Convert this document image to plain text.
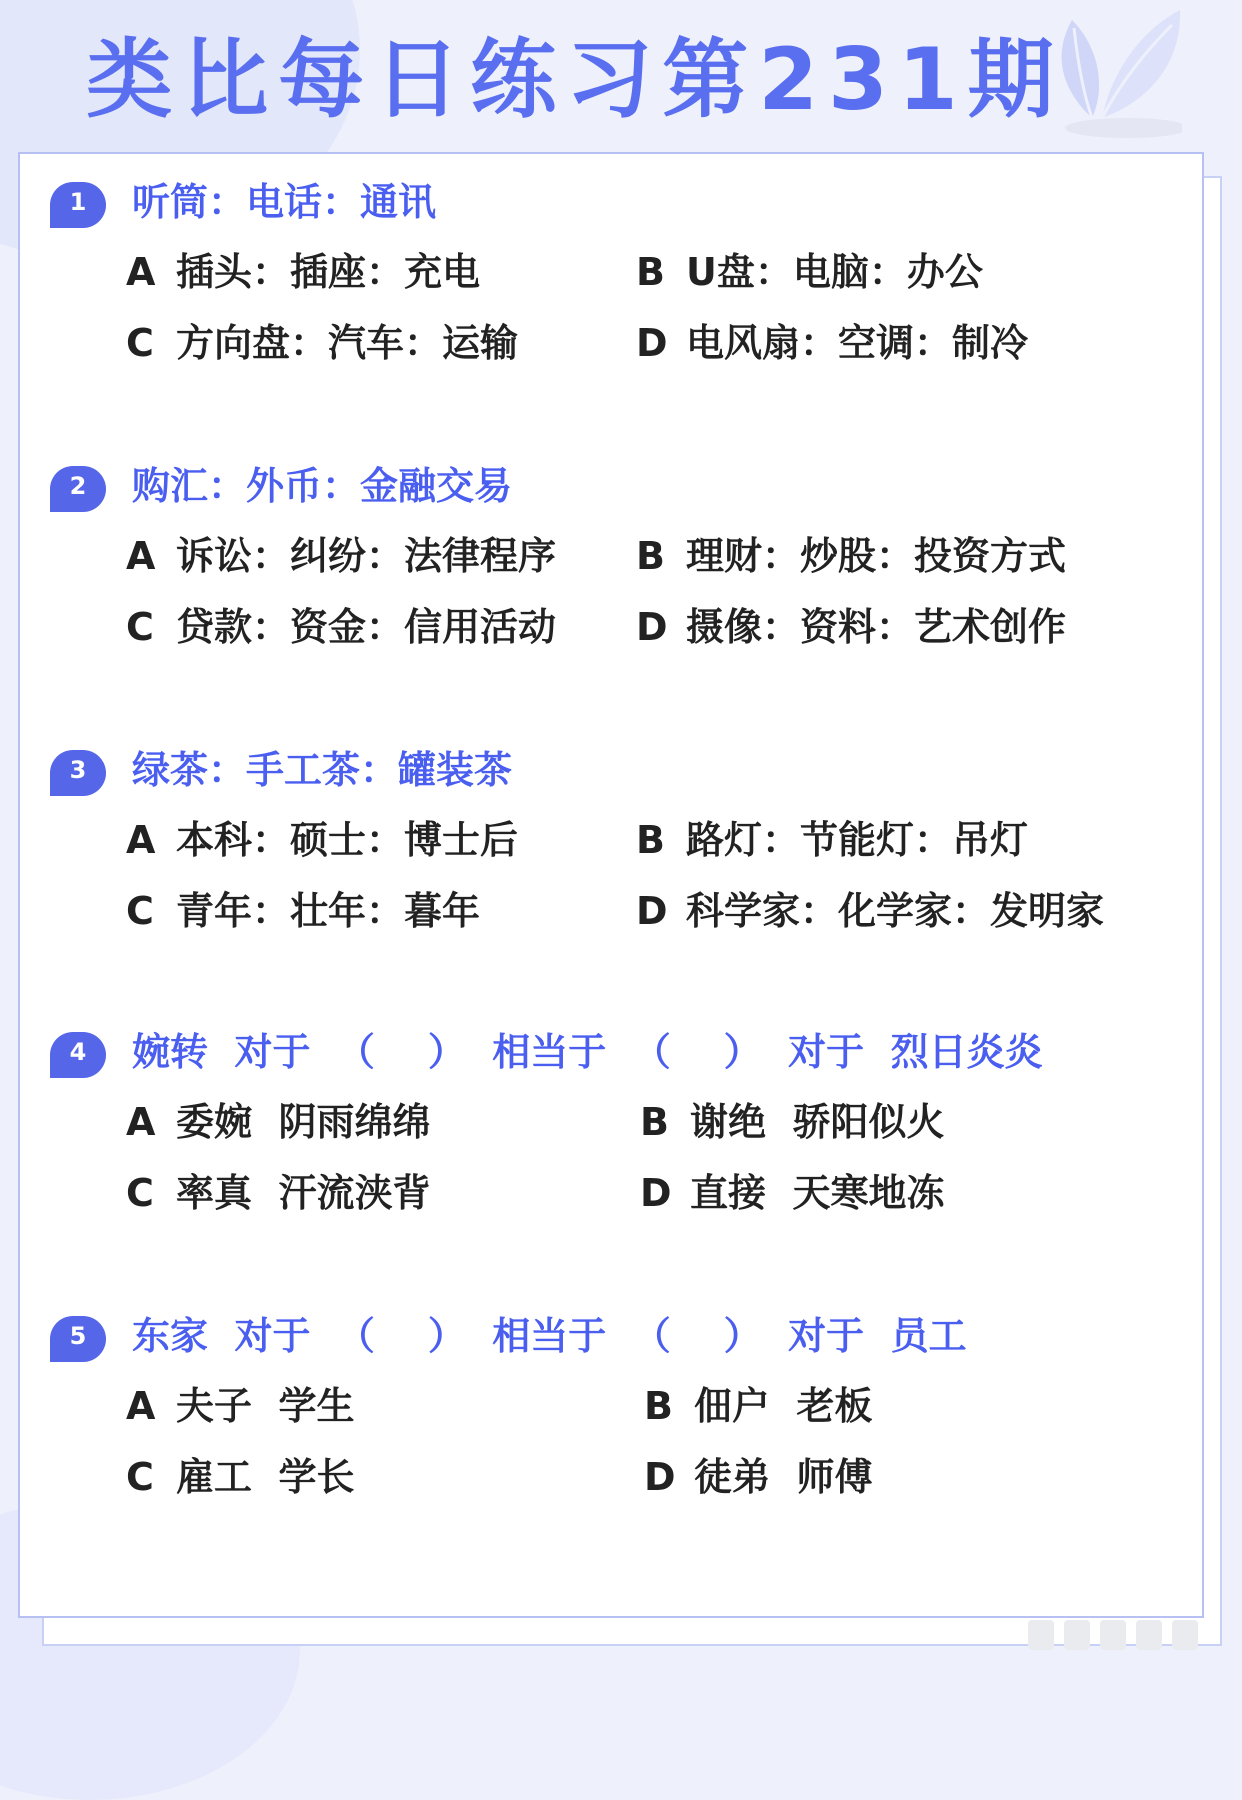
类比每日练习第231期
1	听筒：电话：通讯
A 插头：插座：充电	B U盘：电脑：办公
C 方向盘：汽车：运输	D 电风扇：空调：制冷
2	购汇：外币：金融交易
A 诉讼：纠纷：法律程序 B 理财：炒股：投资方式
C 贷款：资金：信用活动 D 摄像：资料：艺术创作
3	绿茶：手工茶：罐装茶
A 本科：硕士：博士后	B 路灯：节能灯：吊灯
C 青年：壮年：暮年	D 科学家：化学家：发明家
4	婉转  对于  （    ）  相当于  （    ）  对于  烈日炎炎
A 委婉  阴雨绵绵	B 谢绝  骄阳似火
C 率真  汗流浃背	D 直接  天寒地冻
5	东家  对于  （    ）  相当于  （    ）  对于  员工
A 夫子  学生	B 佃户  老板
C 雇工  学长	D 徒弟  师傅
